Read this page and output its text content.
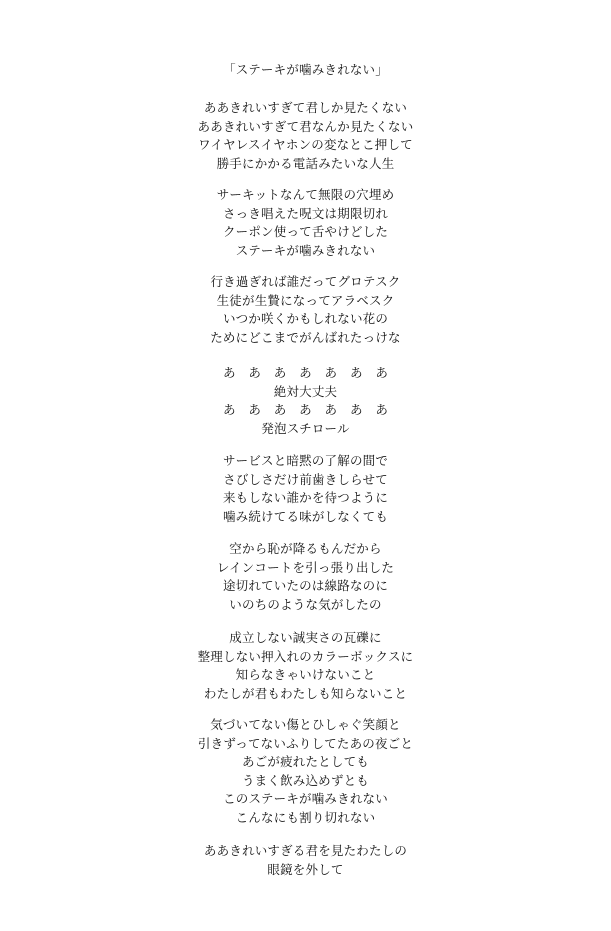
「ステーキが噛みきれない」
ああきれいすぎて君しか見たくない
ああきれいすぎて君なんか見たくない
ワイヤレスイヤホンの変なとこ押して
勝手にかかる電話みたいな人生
サーキットなんて無限の穴埋め
さっき唱えた呪文は期限切れ
クーポン使って舌やけどした
ステーキが噛みきれない
行き過ぎれば誰だってグロテスク
生徒が生贄になってアラベスク
いつか咲くかもしれない花の
ためにどこまでがんばれたっけな
あ　あ　あ　あ　あ　あ　あ
絶対大丈夫
あ　あ　あ　あ　あ　あ　あ
発泡スチロール
サービスと暗黙の了解の間で
さびしさだけ前歯きしらせて
来もしない誰かを待つように
噛み続けてる味がしなくても
空から恥が降るもんだから
レインコートを引っ張り出した
途切れていたのは線路なのに
いのちのような気がしたの
成立しない誠実さの瓦礫に
整理しない押入れのカラーボックスに
知らなきゃいけないこと
わたしが君もわたしも知らないこと
気づいてない傷とひしゃぐ笑顔と
引きずってないふりしてたあの夜ごと
あごが疲れたとしても
うまく飲み込めずとも
このステーキが噛みきれない
こんなにも割り切れない
ああきれいすぎる君を見たわたしの
眼鏡を外して
